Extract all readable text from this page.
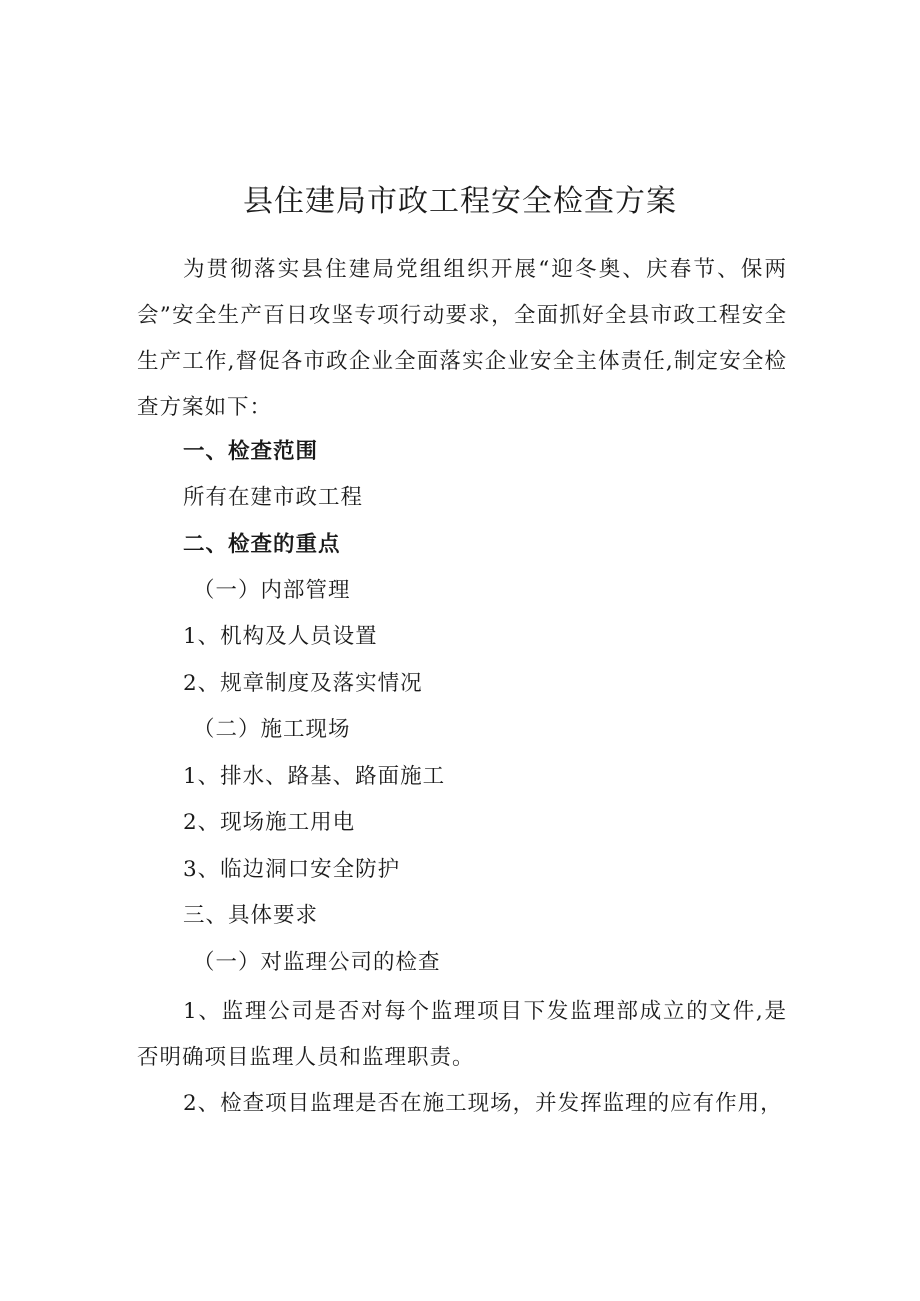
县住建局市政工程安全检查方案

为贯彻落实县住建局党组组织开展“迎冬奥、庆春节、保两会”安全生产百日攻坚专项行动要求，全面抓好全县市政工程安全生产工作,督促各市政企业全面落实企业安全主体责任,制定安全检查方案如下：

一、检查范围

所有在建市政工程

二、检查的重点

（一）内部管理

1、机构及人员设置

2、规章制度及落实情况

（二）施工现场

1、排水、路基、路面施工

2、现场施工用电

3、临边洞口安全防护

三、具体要求

（一）对监理公司的检查

1、监理公司是否对每个监理项目下发监理部成立的文件,是否明确项目监理人员和监理职责。

2、检查项目监理是否在施工现场，并发挥监理的应有作用，
